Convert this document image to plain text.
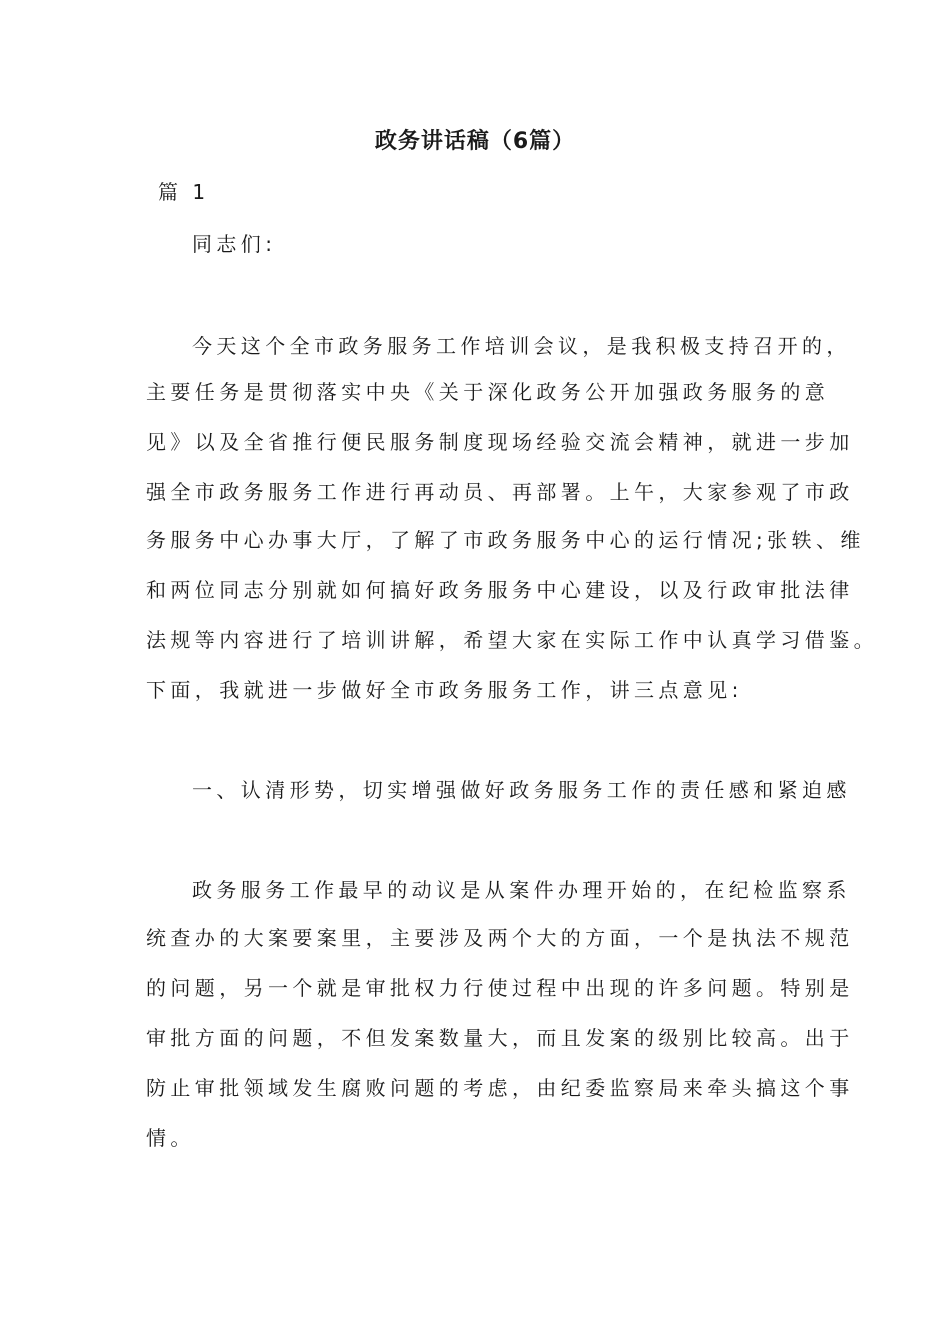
政务讲话稿（6篇）
篇 1
同志们:
今天这个全市政务服务工作培训会议，是我积极支持召开的，
主要任务是贯彻落实中央《关于深化政务公开加强政务服务的意
见》以及全省推行便民服务制度现场经验交流会精神，就进一步加
强全市政务服务工作进行再动员、再部署。上午，大家参观了市政
务服务中心办事大厅，了解了市政务服务中心的运行情况;张轶、维
和两位同志分别就如何搞好政务服务中心建设，以及行政审批法律
法规等内容进行了培训讲解，希望大家在实际工作中认真学习借鉴。
下面，我就进一步做好全市政务服务工作，讲三点意见:
一、认清形势，切实增强做好政务服务工作的责任感和紧迫感
政务服务工作最早的动议是从案件办理开始的，在纪检监察系
统查办的大案要案里，主要涉及两个大的方面，一个是执法不规范
的问题，另一个就是审批权力行使过程中出现的许多问题。特别是
审批方面的问题，不但发案数量大，而且发案的级别比较高。出于
防止审批领域发生腐败问题的考虑，由纪委监察局来牵头搞这个事
情。
